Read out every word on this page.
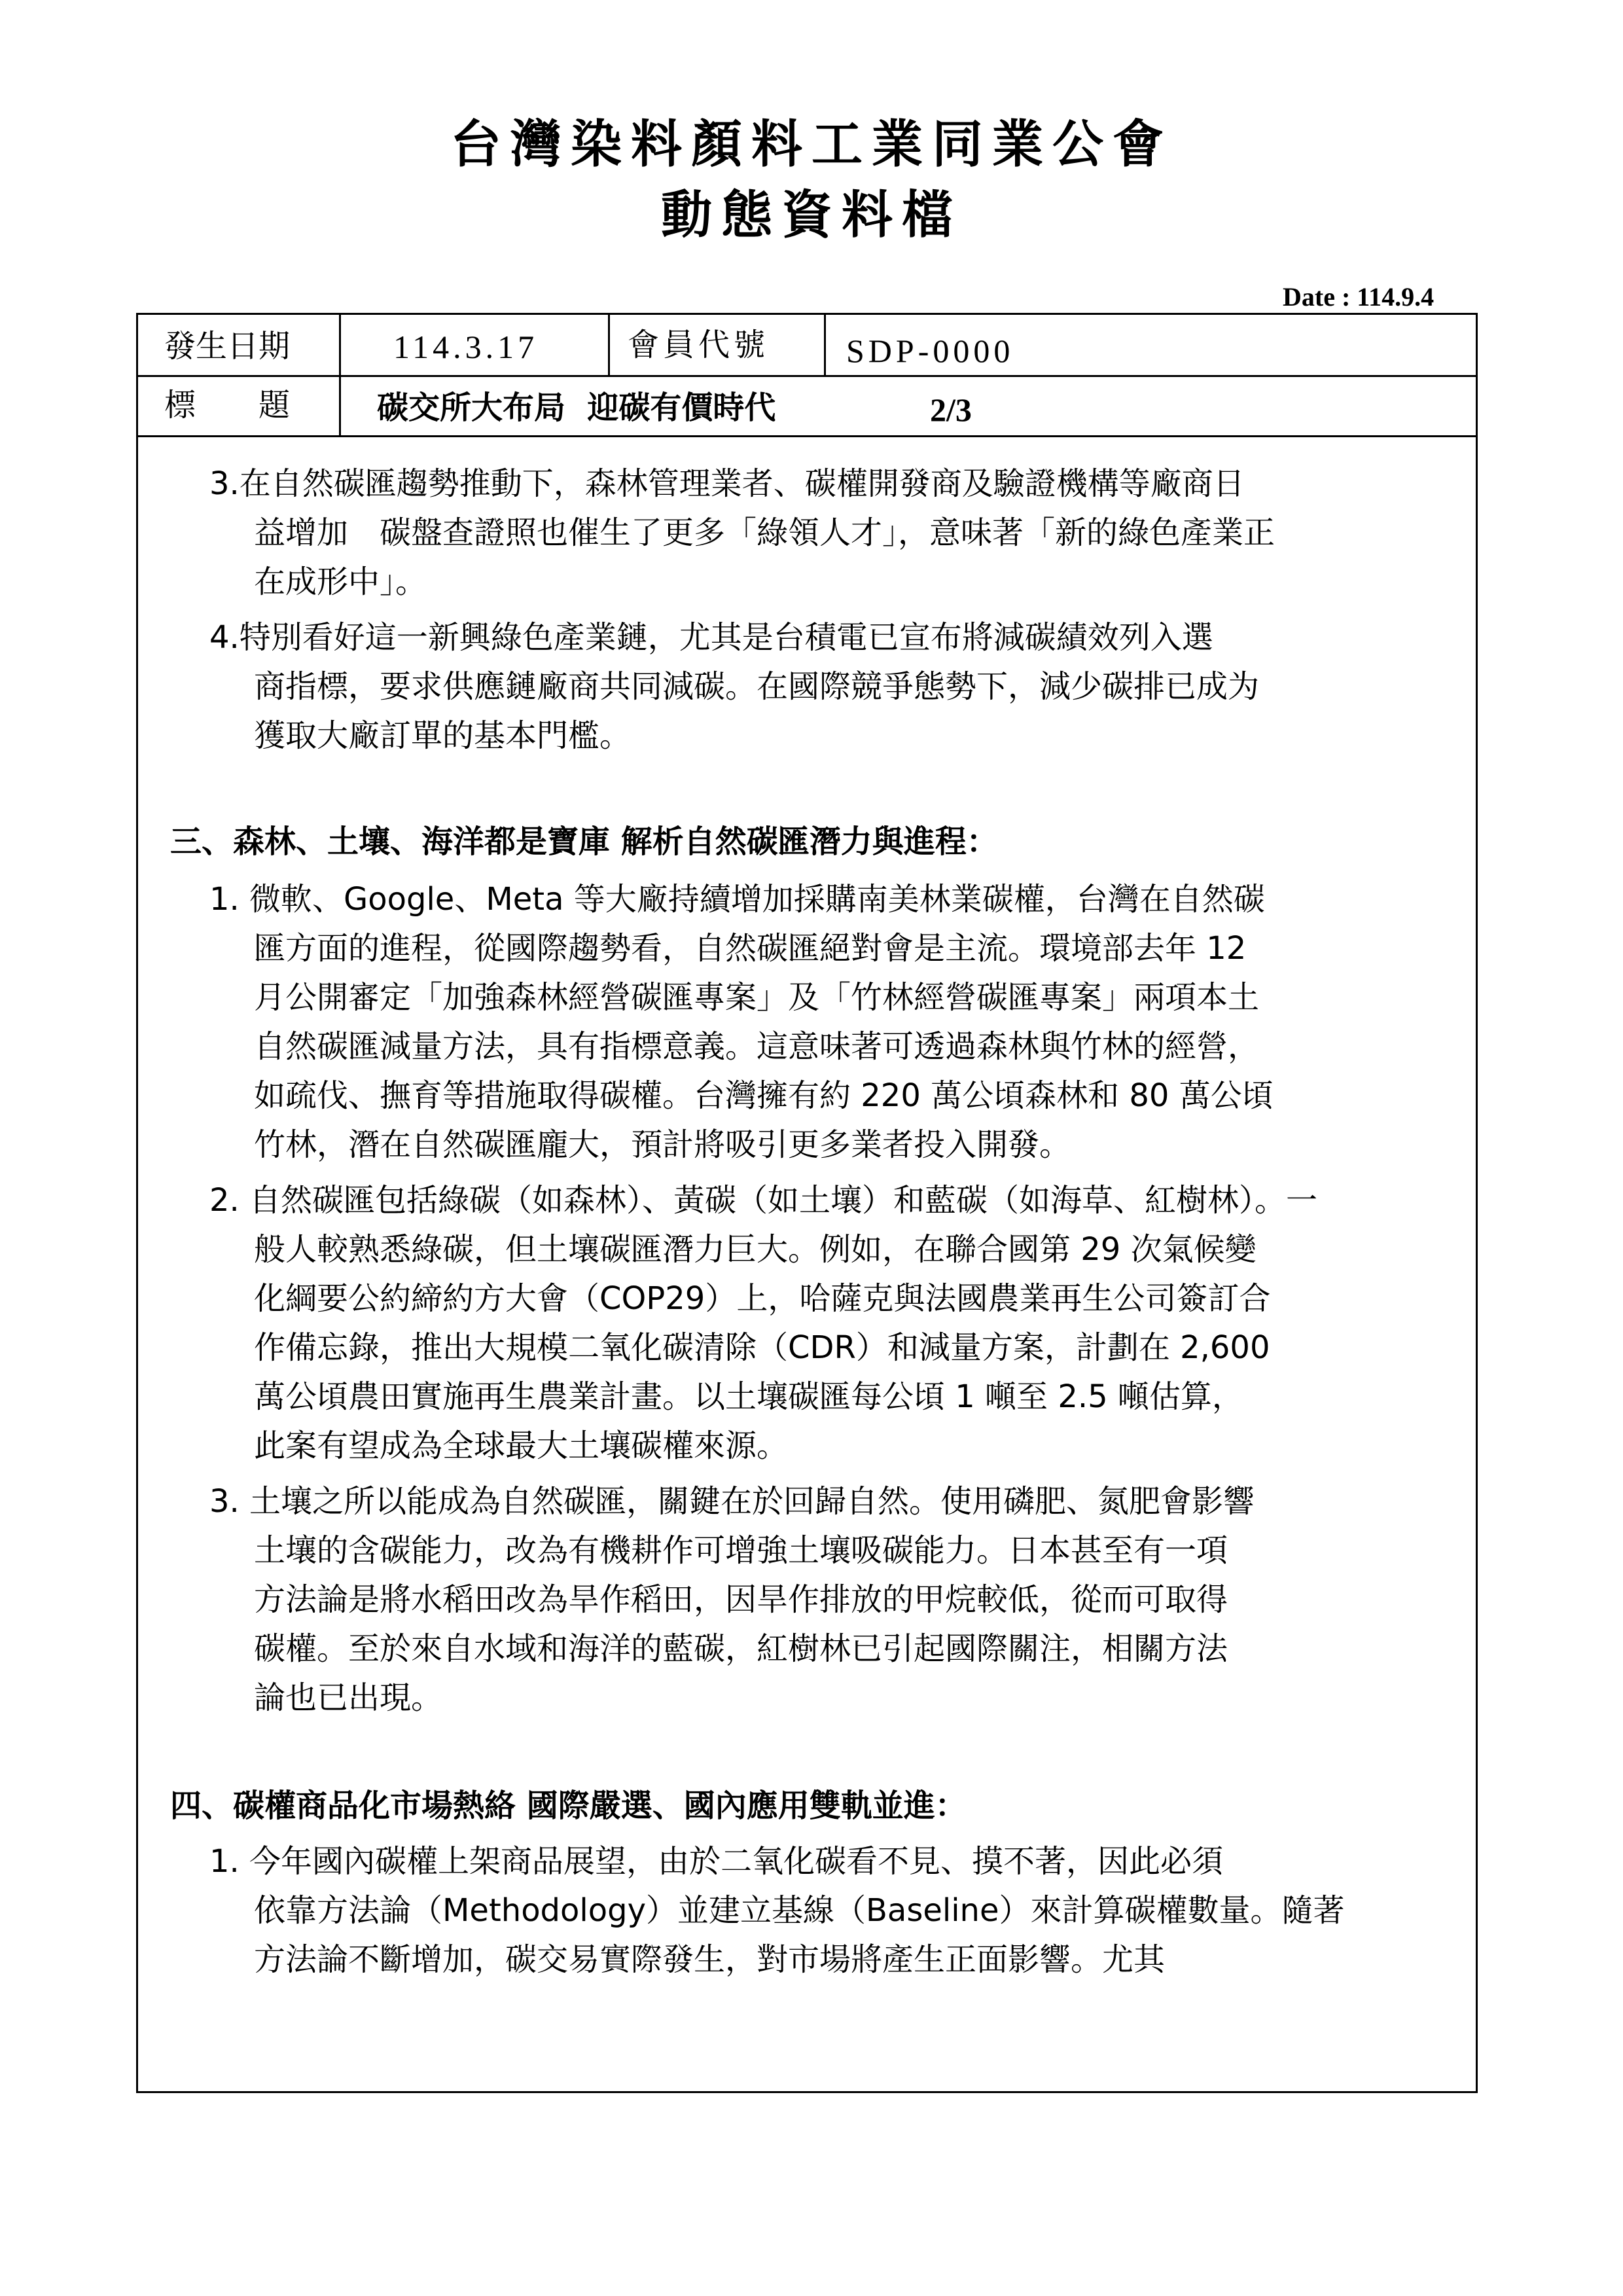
台灣染料顏料工業同業公會
動態資料檔
Date : 114.9.4
發生日期	114.3.17	會員代號 SDP-0000
標　　題	碳交所大布局  迎碳有價時代	2/3
3.在自然碳匯趨勢推動下，森林管理業者、碳權開發商及驗證機構等廠商日
益增加　碳盤查證照也催生了更多「綠領人才」，意味著「新的綠色產業正
在成形中」。
4.特別看好這一新興綠色產業鏈，尤其是台積電已宣布將減碳績效列入選
商指標，要求供應鏈廠商共同減碳。在國際競爭態勢下，減少碳排已成为
獲取大廠訂單的基本門檻。
三、森林、土壤、海洋都是寶庫 解析自然碳匯潛力與進程：
1. 微軟、Google、Meta 等大廠持續增加採購南美林業碳權，台灣在自然碳
匯方面的進程，從國際趨勢看，自然碳匯絕對會是主流。環境部去年 12
月公開審定「加強森林經營碳匯專案」及「竹林經營碳匯專案」兩項本土
自然碳匯減量方法，具有指標意義。這意味著可透過森林與竹林的經營，
如疏伐、撫育等措施取得碳權。台灣擁有約 220 萬公頃森林和 80 萬公頃
竹林，潛在自然碳匯龐大，預計將吸引更多業者投入開發。
2. 自然碳匯包括綠碳（如森林）、黃碳（如土壤）和藍碳（如海草、紅樹林）。一
般人較熟悉綠碳，但土壤碳匯潛力巨大。例如，在聯合國第 29 次氣候變
化綱要公約締約方大會（COP29）上，哈薩克與法國農業再生公司簽訂合
作備忘錄，推出大規模二氧化碳清除（CDR）和減量方案，計劃在 2,600
萬公頃農田實施再生農業計畫。以土壤碳匯每公頃 1 噸至 2.5 噸估算，
此案有望成為全球最大土壤碳權來源。
3. 土壤之所以能成為自然碳匯，關鍵在於回歸自然。使用磷肥、氮肥會影響
土壤的含碳能力，改為有機耕作可增強土壤吸碳能力。日本甚至有一項
方法論是將水稻田改為旱作稻田，因旱作排放的甲烷較低，從而可取得
碳權。至於來自水域和海洋的藍碳，紅樹林已引起國際關注，相關方法
論也已出現。
四、碳權商品化市場熱絡 國際嚴選、國內應用雙軌並進：
1. 今年國內碳權上架商品展望，由於二氧化碳看不見、摸不著，因此必須
依靠方法論（Methodology）並建立基線（Baseline）來計算碳權數量。隨著
方法論不斷增加，碳交易實際發生，對市場將產生正面影響。尤其
